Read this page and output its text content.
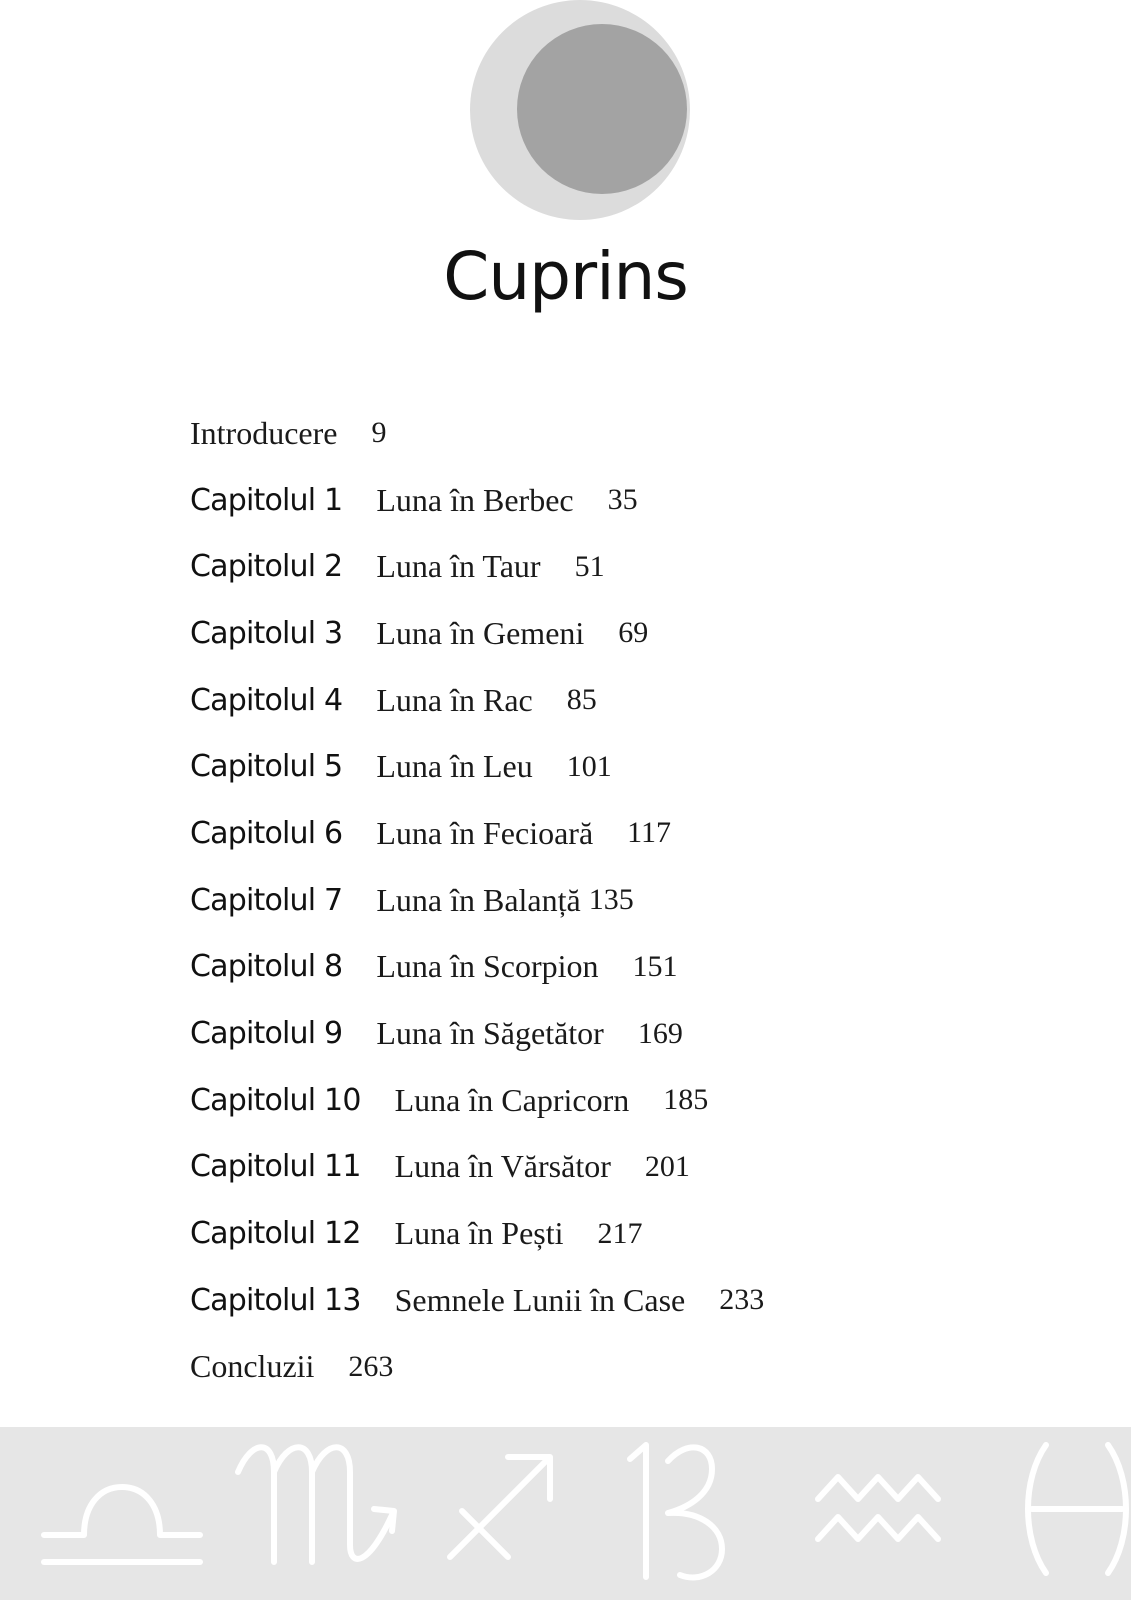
Cuprins
Introducere 9
Capitolul 1 Luna în Berbec 35
Capitolul 2 Luna în Taur 51
Capitolul 3 Luna în Gemeni 69
Capitolul 4 Luna în Rac 85
Capitolul 5 Luna în Leu 101
Capitolul 6 Luna în Fecioară 117
Capitolul 7 Luna în Balanță 135
Capitolul 8 Luna în Scorpion 151
Capitolul 9 Luna în Săgetător 169
Capitolul 10 Luna în Capricorn 185
Capitolul 11 Luna în Vărsător 201
Capitolul 12 Luna în Pești 217
Capitolul 13 Semnele Lunii în Case 233
Concluzii 263
